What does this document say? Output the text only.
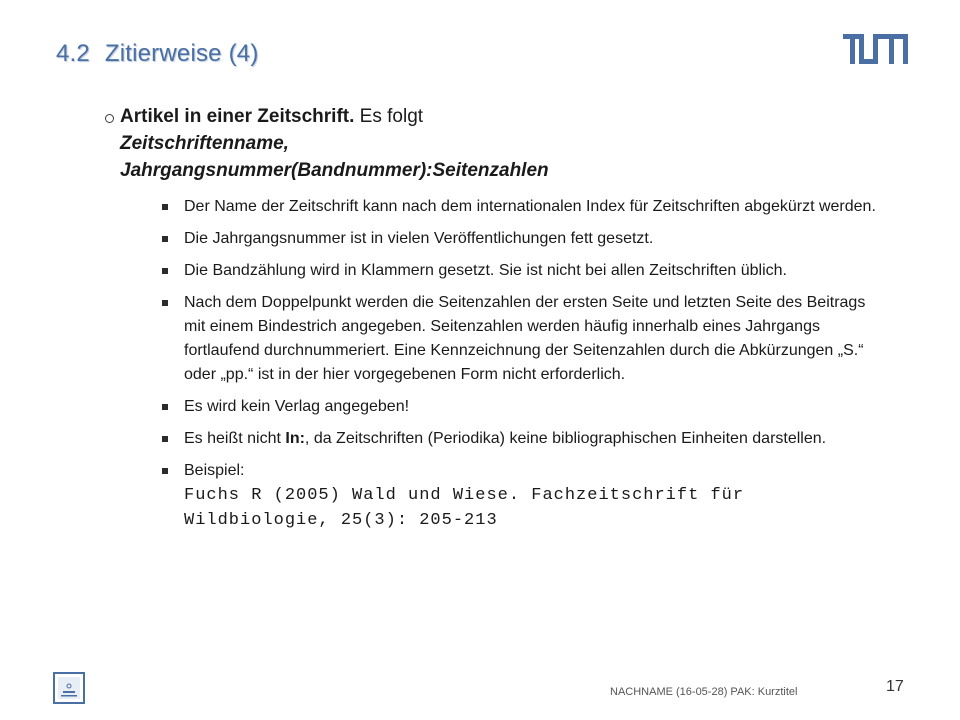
4.2 Zitierweise (4)
Artikel in einer Zeitschrift. Es folgt
Zeitschriftenname,
Jahrgangsnummer(Bandnummer):Seitenzahlen
Der Name der Zeitschrift kann nach dem internationalen Index für Zeitschriften abgekürzt werden.
Die Jahrgangsnummer ist in vielen Veröffentlichungen fett gesetzt.
Die Bandzählung wird in Klammern gesetzt. Sie ist nicht bei allen Zeitschriften üblich.
Nach dem Doppelpunkt werden die Seitenzahlen der ersten Seite und letzten Seite des Beitrags mit einem Bindestrich angegeben. Seitenzahlen werden häufig innerhalb eines Jahrgangs fortlaufend durchnummeriert. Eine Kennzeichnung der Seitenzahlen durch die Abkürzungen „S.“ oder „pp.“ ist in der hier vorgegebenen Form nicht erforderlich.
Es wird kein Verlag angegeben!
Es heißt nicht In:, da Zeitschriften (Periodika) keine bibliographischen Einheiten darstellen.
Beispiel:
Fuchs R (2005) Wald und Wiese. Fachzeitschrift für Wildbiologie, 25(3): 205-213
NACHNAME (16-05-28) PAK: Kurztitel	17
